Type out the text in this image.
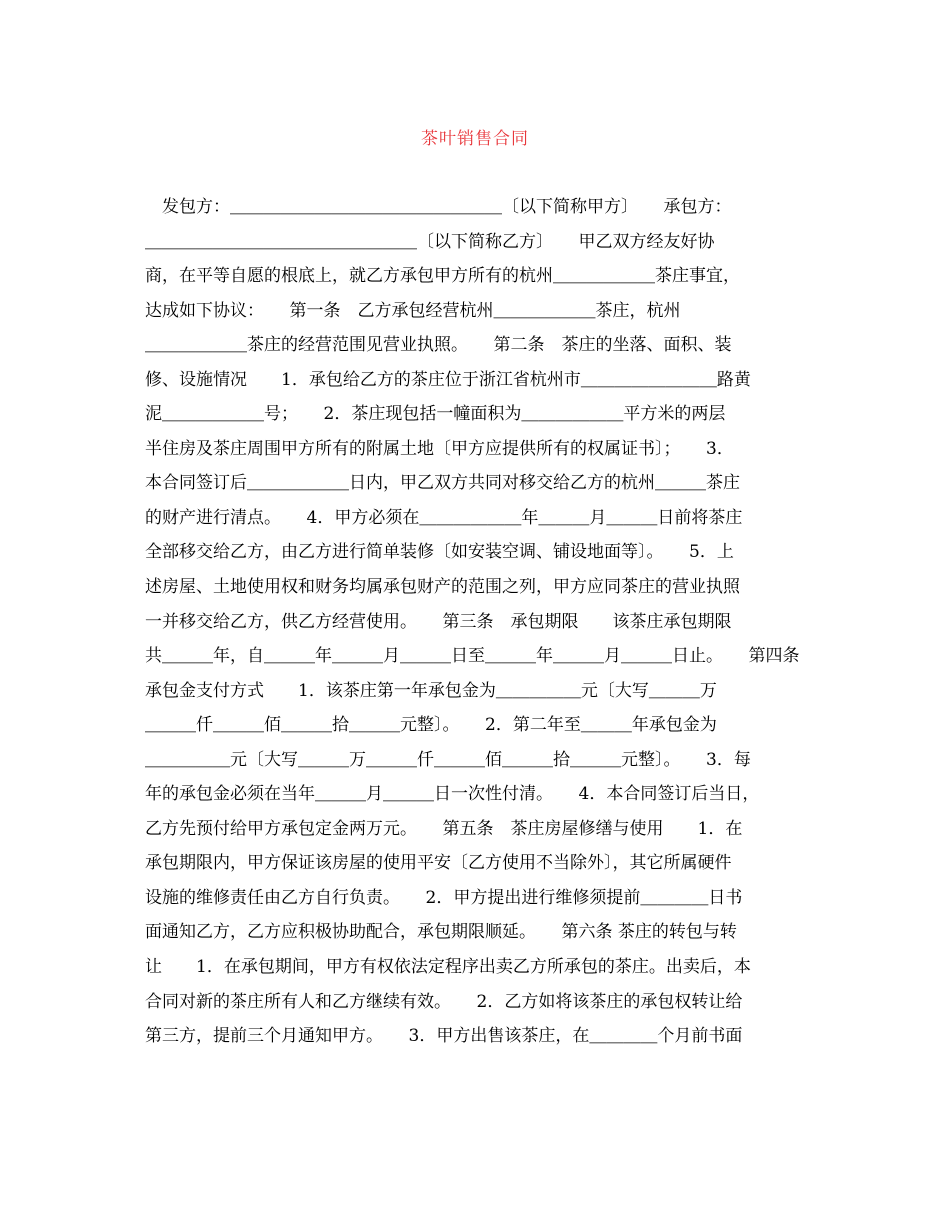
茶叶销售合同
　发包方：＿＿＿＿＿＿＿＿＿＿＿＿＿＿＿＿〔以下简称甲方〕　　承包方：
＿＿＿＿＿＿＿＿＿＿＿＿＿＿＿＿〔以下简称乙方〕　　甲乙双方经友好协
商，在平等自愿的根底上，就乙方承包甲方所有的杭州＿＿＿＿＿＿茶庄事宜，
达成如下协议：　　第一条　乙方承包经营杭州＿＿＿＿＿＿茶庄，杭州
＿＿＿＿＿＿茶庄的经营范围见营业执照。　　第二条　茶庄的坐落、面积、装
修、设施情况　　1．承包给乙方的茶庄位于浙江省杭州市＿＿＿＿＿＿＿＿路黄
泥＿＿＿＿＿＿号；　　2．茶庄现包括一幢面积为＿＿＿＿＿＿平方米的两层
半住房及茶庄周围甲方所有的附属土地〔甲方应提供所有的权属证书〕；　　3．
本合同签订后＿＿＿＿＿＿日内，甲乙双方共同对移交给乙方的杭州＿＿＿茶庄
的财产进行清点。　　4．甲方必须在＿＿＿＿＿＿年＿＿＿月＿＿＿日前将茶庄
全部移交给乙方，由乙方进行简单装修〔如安装空调、铺设地面等〕。　　5．上
述房屋、土地使用权和财务均属承包财产的范围之列，甲方应同茶庄的营业执照
一并移交给乙方，供乙方经营使用。　　第三条　承包期限　　该茶庄承包期限
共＿＿＿年，自＿＿＿年＿＿＿月＿＿＿日至＿＿＿年＿＿＿月＿＿＿日止。　　第四条
承包金支付方式　　1．该茶庄第一年承包金为＿＿＿＿＿元〔大写＿＿＿万
＿＿＿仟＿＿＿佰＿＿＿拾＿＿＿元整〕。　　2．第二年至＿＿＿年承包金为
＿＿＿＿＿元〔大写＿＿＿万＿＿＿仟＿＿＿佰＿＿＿拾＿＿＿元整〕。　　3．每
年的承包金必须在当年＿＿＿月＿＿＿日一次性付清。　　4．本合同签订后当日，
乙方先预付给甲方承包定金两万元。　　第五条　茶庄房屋修缮与使用　　1．在
承包期限内，甲方保证该房屋的使用平安〔乙方使用不当除外〕，其它所属硬件
设施的维修责任由乙方自行负责。　　2．甲方提出进行维修须提前＿＿＿＿日书
面通知乙方，乙方应积极协助配合，承包期限顺延。　　第六条 茶庄的转包与转
让　　1．在承包期间，甲方有权依法定程序出卖乙方所承包的茶庄。出卖后，本
合同对新的茶庄所有人和乙方继续有效。　　2．乙方如将该茶庄的承包权转让给
第三方，提前三个月通知甲方。　　3．甲方出售该茶庄，在＿＿＿＿个月前书面
